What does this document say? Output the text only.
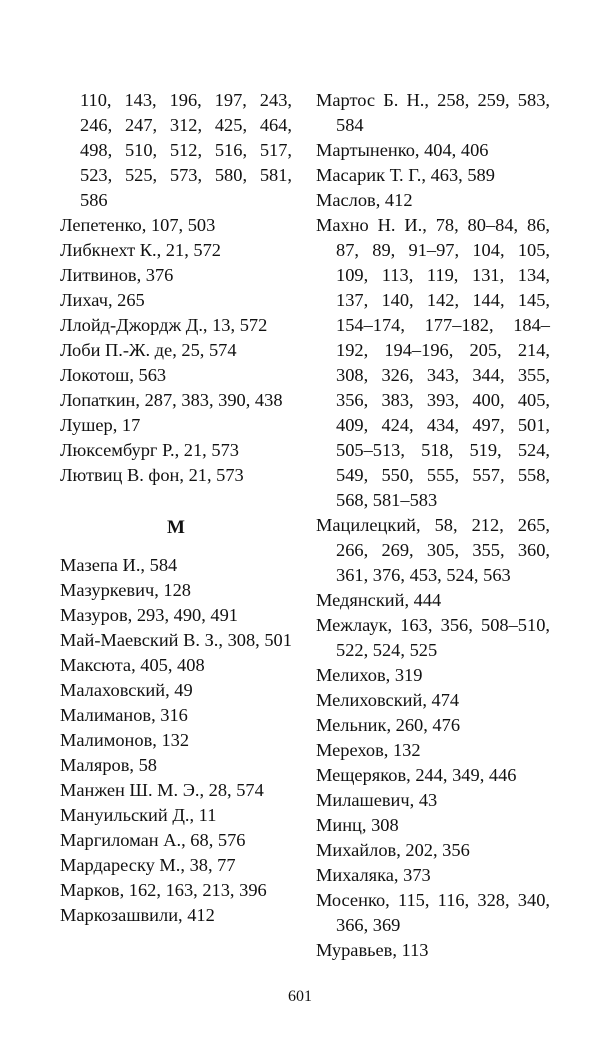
110, 143, 196, 197, 243,

246, 247, 312, 425, 464,

498, 510, 512, 516, 517,

523, 525, 573, 580, 581,

586

Лепетенко, 107, 503

Либкнехт К., 21, 572

Литвинов, 376

Лихач, 265

Ллойд-Джордж Д., 13, 572

Лоби П.-Ж. де, 25, 574

Локотош, 563

Лопаткин, 287, 383, 390, 438

Лушер, 17

Люксембург Р., 21, 573

Лютвиц В. фон, 21, 573

М

Мазепа И., 584

Мазуркевич, 128

Мазуров, 293, 490, 491

Май-Маевский В. З., 308, 501

Максюта, 405, 408

Малаховский, 49

Малиманов, 316

Малимонов, 132

Маляров, 58

Манжен Ш. М. Э., 28, 574

Мануильский Д., 11

Маргиломан А., 68, 576

Мардареску М., 38, 77

Марков, 162, 163, 213, 396

Маркозашвили, 412

Мартос Б. Н., 258, 259, 583, 584

Мартыненко, 404, 406

Масарик Т. Г., 463, 589

Маслов, 412

Махно Н. И., 78, 80–84, 86, 87, 89, 91–97, 104, 105, 109, 113, 119, 131, 134, 137, 140, 142, 144, 145, 154–174, 177–182, 184–192, 194–196, 205, 214, 308, 326, 343, 344, 355, 356, 383, 393, 400, 405, 409, 424, 434, 497, 501, 505–513, 518, 519, 524, 549, 550, 555, 557, 558, 568, 581–583

Мацилецкий, 58, 212, 265, 266, 269, 305, 355, 360, 361, 376, 453, 524, 563

Медянский, 444

Межлаук, 163, 356, 508–510, 522, 524, 525

Мелихов, 319

Мелиховский, 474

Мельник, 260, 476

Мерехов, 132

Мещеряков, 244, 349, 446

Милашевич, 43

Минц, 308

Михайлов, 202, 356

Михаляка, 373

Мосенко, 115, 116, 328, 340, 366, 369

Муравьев, 113

601
